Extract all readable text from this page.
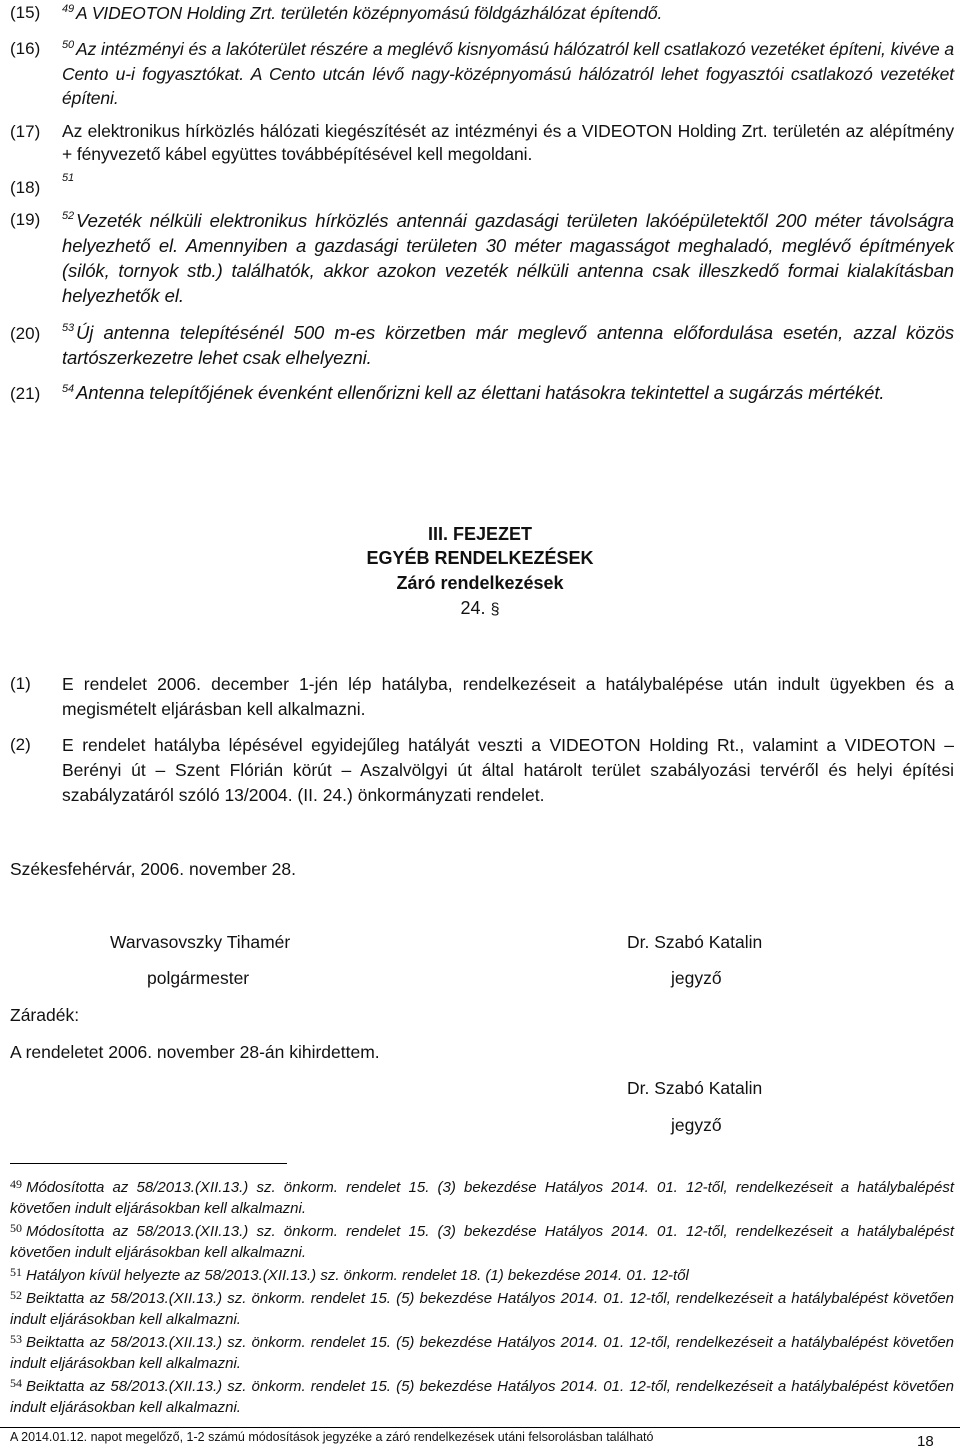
(15) $^{49}$ A VIDEOTON Holding Zrt. területén középnyomású földgázhálózat építendő.
(16) $^{50}$ Az intézményi és a lakóterület részére a meglévő kisnyomású hálózatról kell csatlakozó vezetéket építeni, kivéve a Cento u-i fogyasztókat. A Cento utcán lévő nagy-középnyomású hálózatról lehet fogyasztói csatlakozó vezetéket építeni.
(17) Az elektronikus hírközlés hálózati kiegészítését az intézményi és a VIDEOTON Holding Zrt. területén az alépítmény + fényvezető kábel együttes továbbépítésével kell megoldani.
(18) $^{51}$
(19) $^{52}$ Vezeték nélküli elektronikus hírközlés antennái gazdasági területen lakóépületektől 200 méter távolságra helyezhető el. Amennyiben a gazdasági területen 30 méter magasságot meghaladó, meglévő építmények (silók, tornyok stb.) találhatók, akkor azokon vezeték nélküli antenna csak illeszkedő formai kialakításban helyezhetők el.
(20) $^{53}$ Új antenna telepítésénél 500 m-es körzetben már meglevő antenna előfordulása esetén, azzal közös tartószerkezetre lehet csak elhelyezni.
(21) $^{54}$ Antenna telepítőjének évenként ellenőrizni kell az élettani hatásokra tekintettel a sugárzás mértékét.
III. FEJEZET
EGYÉB RENDELKEZÉSEK
Záró rendelkezések
24. §
(1) E rendelet 2006. december 1-jén lép hatályba, rendelkezéseit a hatálybalépése után indult ügyekben és a megismételt eljárásban kell alkalmazni.
(2) E rendelet hatályba lépésével egyidejűleg hatályát veszti a VIDEOTON Holding Rt., valamint a VIDEOTON – Berényi út – Szent Flórián körút – Aszalvölgyi út által határolt terület szabályozási tervéről és helyi építési szabályzatáról szóló 13/2004. (II. 24.) önkormányzati rendelet.
Székesfehérvár, 2006. november 28.
Warvasovszky Tihamér
polgármester
Dr. Szabó Katalin
jegyző
Záradék:
A rendeletet 2006. november 28-án kihirdettem.
Dr. Szabó Katalin
jegyző
$^{49}$ Módosította az 58/2013.(XII.13.) sz. önkorm. rendelet 15. (3) bekezdése Hatályos 2014. 01. 12-től, rendelkezéseit a hatálybalépést követően indult eljárásokban kell alkalmazni.
$^{50}$ Módosította az 58/2013.(XII.13.) sz. önkorm. rendelet 15. (3) bekezdése Hatályos 2014. 01. 12-től, rendelkezéseit a hatálybalépést követően indult eljárásokban kell alkalmazni.
$^{51}$ Hatályon kívül helyezte az 58/2013.(XII.13.) sz. önkorm. rendelet 18. (1) bekezdése 2014. 01. 12-től
$^{52}$ Beiktatta az 58/2013.(XII.13.) sz. önkorm. rendelet 15. (5) bekezdése Hatályos 2014. 01. 12-től, rendelkezéseit a hatálybalépést követően indult eljárásokban kell alkalmazni.
$^{53}$ Beiktatta az 58/2013.(XII.13.) sz. önkorm. rendelet 15. (5) bekezdése Hatályos 2014. 01. 12-től, rendelkezéseit a hatálybalépést követően indult eljárásokban kell alkalmazni.
$^{54}$ Beiktatta az 58/2013.(XII.13.) sz. önkorm. rendelet 15. (5) bekezdése Hatályos 2014. 01. 12-től, rendelkezéseit a hatálybalépést követően indult eljárásokban kell alkalmazni.
A 2014.01.12. napot megelőző, 1-2 számú módosítások jegyzéke a záró rendelkezések utáni felsorolásban található	18
